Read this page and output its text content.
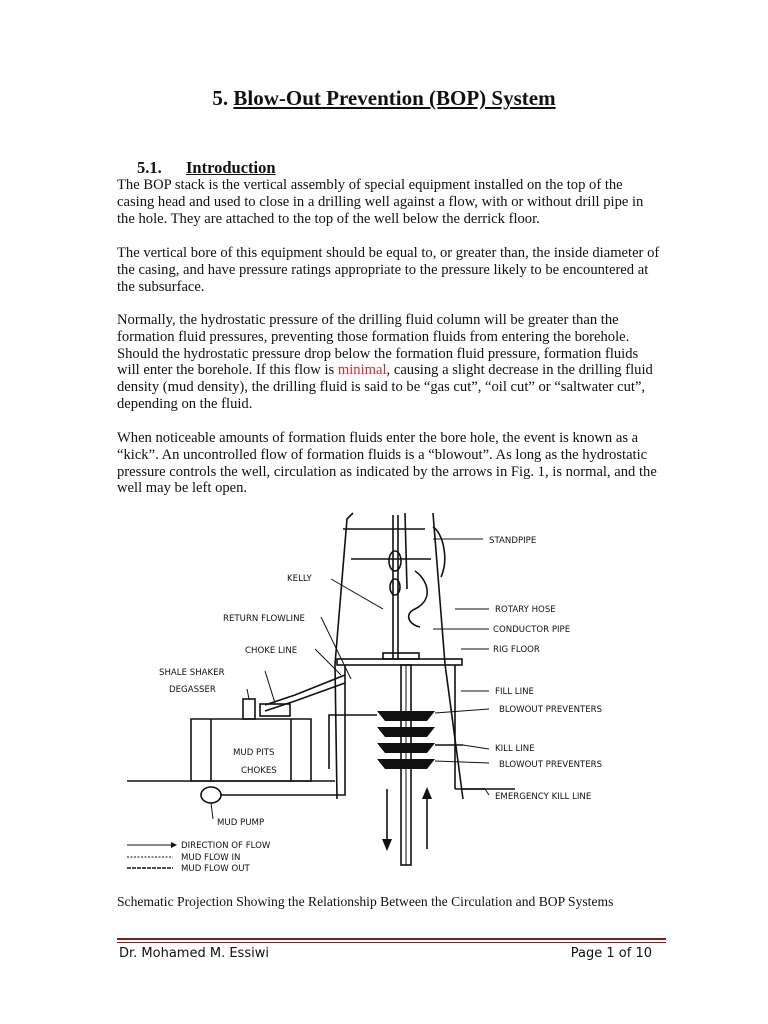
5. Blow-Out Prevention (BOP) System
5.1. Introduction

The BOP stack is the vertical assembly of special equipment installed on the top of the casing head and used to close in a drilling well against a flow, with or without drill pipe in the hole. They are attached to the top of the well below the derrick floor.

The vertical bore of this equipment should be equal to, or greater than, the inside diameter of the casing, and have pressure ratings appropriate to the pressure likely to be encountered at the subsurface.

Normally, the hydrostatic pressure of the drilling fluid column will be greater than the formation fluid pressures, preventing those formation fluids from entering the borehole. Should the hydrostatic pressure drop below the formation fluid pressure, formation fluids will enter the borehole. If this flow is minimal, causing a slight decrease in the drilling fluid density (mud density), the drilling fluid is said to be “gas cut”, “oil cut” or “saltwater cut”, depending on the fluid.

When noticeable amounts of formation fluids enter the bore hole, the event is known as a “kick”. An uncontrolled flow of formation fluids is a “blowout”. As long as the hydrostatic pressure controls the well, circulation as indicated by the arrows in Fig. 1, is normal, and the well may be left open.

STANDPIPE
KELLY
ROTARY HOSE
RETURN FLOWLINE
CONDUCTOR PIPE
CHOKE LINE	RIG FLOOR
SHALE SHAKER
DEGASSER	FILL LINE
BLOWOUT PREVENTERS
MUD PITS	KILL LINE
CHOKES
BLOWOUT PREVENTERS
EMERGENCY KILL LINE
MUD PUMP
DIRECTION OF FLOW
MUD FLOW IN
MUD FLOW OUT
Schematic Projection Showing the Relationship Between the Circulation and BOP Systems
Dr. Mohamed M. Essiwi	Page 1 of 10
